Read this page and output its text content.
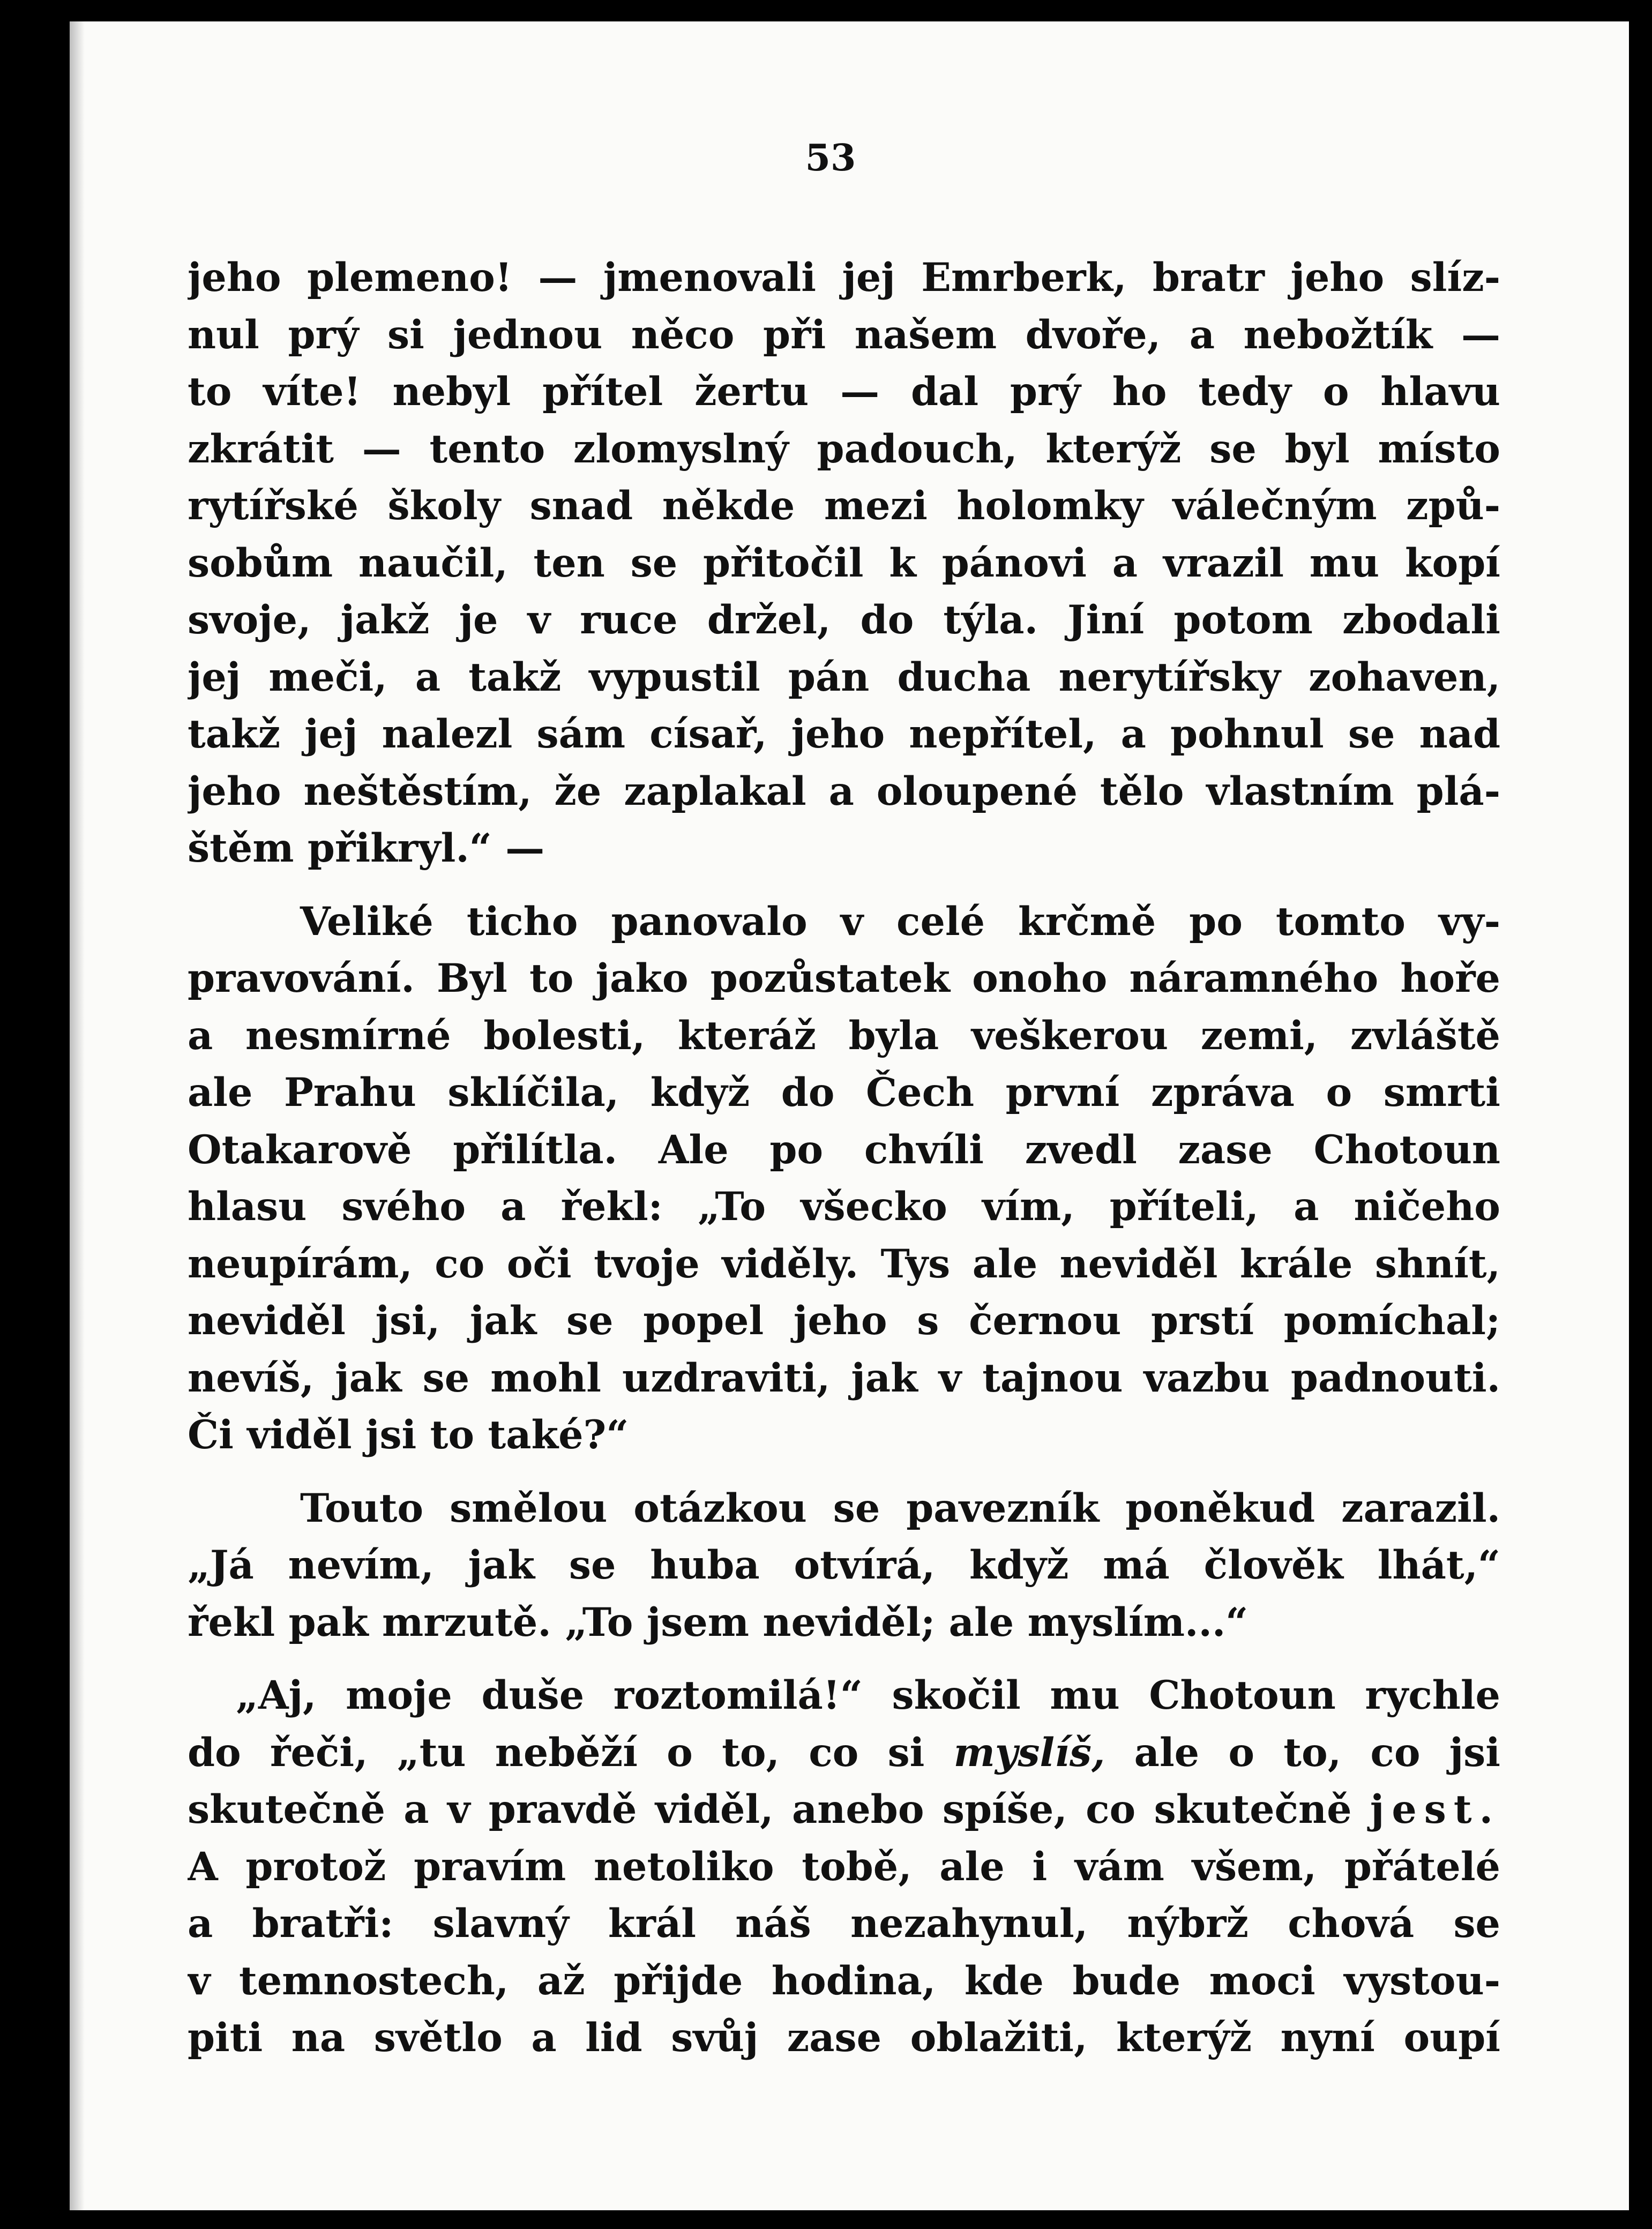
53
jeho plemeno! — jmenovali jej Emrberk, bratr jeho slíz-
nul prý si jednou něco při našem dvoře, a nebožtík —
to víte! nebyl přítel žertu — dal prý ho tedy o hlavu
zkrátit — tento zlomyslný padouch, kterýž se byl místo
rytířské školy snad někde mezi holomky válečným způ-
sobům naučil, ten se přitočil k pánovi a vrazil mu kopí
svoje, jakž je v ruce držel, do týla. Jiní potom zbodali
jej meči, a takž vypustil pán ducha nerytířsky zohaven,
takž jej nalezl sám císař, jeho nepřítel, a pohnul se nad
jeho neštěstím, že zaplakal a oloupené tělo vlastním plá-
štěm přikryl.“ —
Veliké ticho panovalo v celé krčmě po tomto vy-
pravování. Byl to jako pozůstatek onoho náramného hoře
a nesmírné bolesti, kteráž byla veškerou zemi, zvláště
ale Prahu sklíčila, když do Čech první zpráva o smrti
Otakarově přilítla. Ale po chvíli zvedl zase Chotoun
hlasu svého a řekl: „To všecko vím, příteli, a ničeho
neupírám, co oči tvoje viděly. Tys ale neviděl krále shnít,
neviděl jsi, jak se popel jeho s černou prstí pomíchal;
nevíš, jak se mohl uzdraviti, jak v tajnou vazbu padnouti.
Či viděl jsi to také?“
Touto smělou otázkou se pavezník poněkud zarazil.
„Já nevím, jak se huba otvírá, když má člověk lhát,“
řekl pak mrzutě. „To jsem neviděl; ale myslím...“
„Aj, moje duše roztomilá!“ skočil mu Chotoun rychle
do řeči, „tu neběží o to, co si myslíš, ale o to, co jsi
skutečně a v pravdě viděl, anebo spíše, co skutečně jest.
A protož pravím netoliko tobě, ale i vám všem, přátelé
a bratři: slavný král náš nezahynul, nýbrž chová se
v temnostech, až přijde hodina, kde bude moci vystou-
piti na světlo a lid svůj zase oblažiti, kterýž nyní oupí
